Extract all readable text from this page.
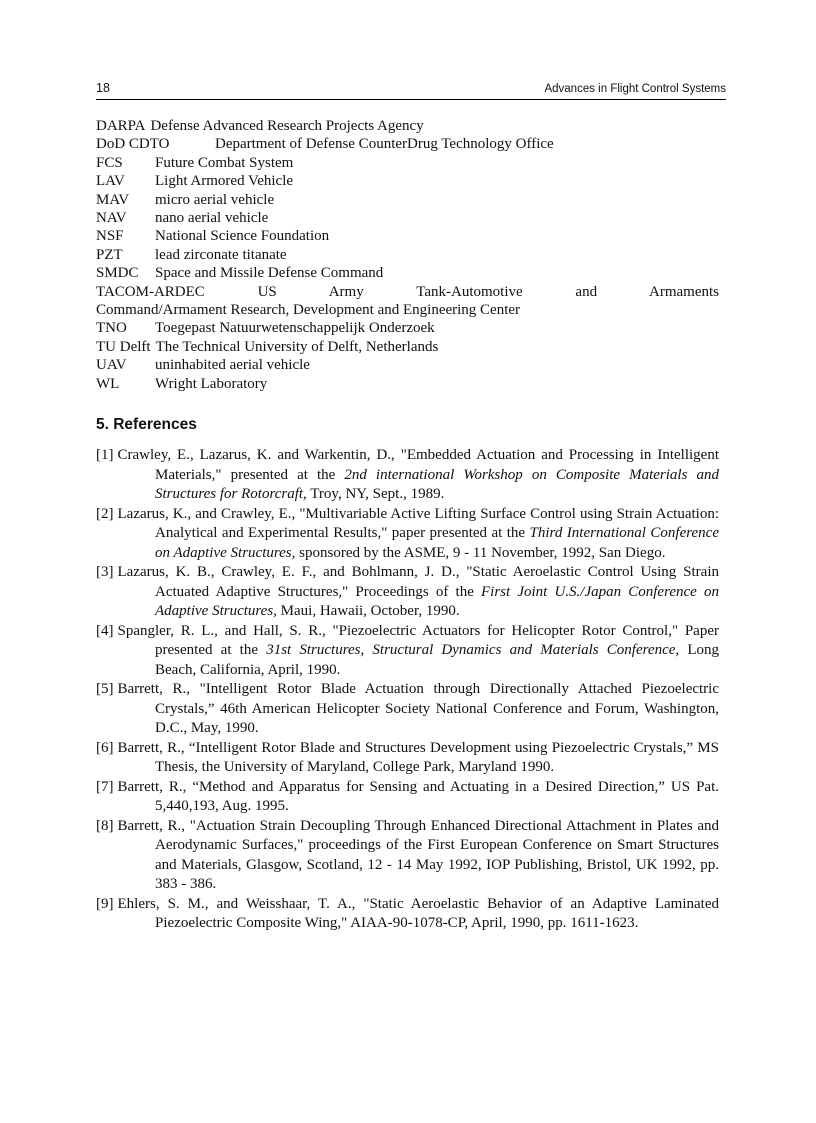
18	Advances in Flight Control Systems
DARPA Defense Advanced Research Projects Agency
DoD CDTO	Department of Defense CounterDrug Technology Office
FCS	Future Combat System
LAV	Light Armored Vehicle
MAV	micro aerial vehicle
NAV	nano aerial vehicle
NSF	National Science Foundation
PZT	lead zirconate titanate
SMDC	Space and Missile Defense Command
TACOM-ARDEC	US Army Tank-Automotive and Armaments
Command/Armament Research, Development and Engineering Center
TNO	Toegepast Natuurwetenschappelijk Onderzoek
TU Delft The Technical University of Delft, Netherlands
UAV	uninhabited aerial vehicle
WL	Wright Laboratory
5. References
[1] Crawley, E., Lazarus, K. and Warkentin, D., "Embedded Actuation and Processing in Intelligent Materials," presented at the 2nd international Workshop on Composite Materials and Structures for Rotorcraft, Troy, NY, Sept., 1989.
[2] Lazarus, K., and Crawley, E., "Multivariable Active Lifting Surface Control using Strain Actuation: Analytical and Experimental Results," paper presented at the Third International Conference on Adaptive Structures, sponsored by the ASME, 9 - 11 November, 1992, San Diego.
[3] Lazarus, K. B., Crawley, E. F., and Bohlmann, J. D., "Static Aeroelastic Control Using Strain Actuated Adaptive Structures," Proceedings of the First Joint U.S./Japan Conference on Adaptive Structures, Maui, Hawaii, October, 1990.
[4] Spangler, R. L., and Hall, S. R., "Piezoelectric Actuators for Helicopter Rotor Control," Paper presented at the 31st Structures, Structural Dynamics and Materials Conference, Long Beach, California, April, 1990.
[5] Barrett, R., "Intelligent Rotor Blade Actuation through Directionally Attached Piezoelectric Crystals,” 46th American Helicopter Society National Conference and Forum, Washington, D.C., May, 1990.
[6] Barrett, R., “Intelligent Rotor Blade and Structures Development using Piezoelectric Crystals,” MS Thesis, the University of Maryland, College Park, Maryland 1990.
[7] Barrett, R., “Method and Apparatus for Sensing and Actuating in a Desired Direction,” US Pat. 5,440,193, Aug. 1995.
[8] Barrett, R., "Actuation Strain Decoupling Through Enhanced Directional Attachment in Plates and Aerodynamic Surfaces," proceedings of the First European Conference on Smart Structures and Materials, Glasgow, Scotland, 12 - 14 May 1992, IOP Publishing, Bristol, UK 1992, pp. 383 - 386.
[9] Ehlers, S. M., and Weisshaar, T. A., "Static Aeroelastic Behavior of an Adaptive Laminated Piezoelectric Composite Wing," AIAA-90-1078-CP, April, 1990, pp. 1611-1623.
